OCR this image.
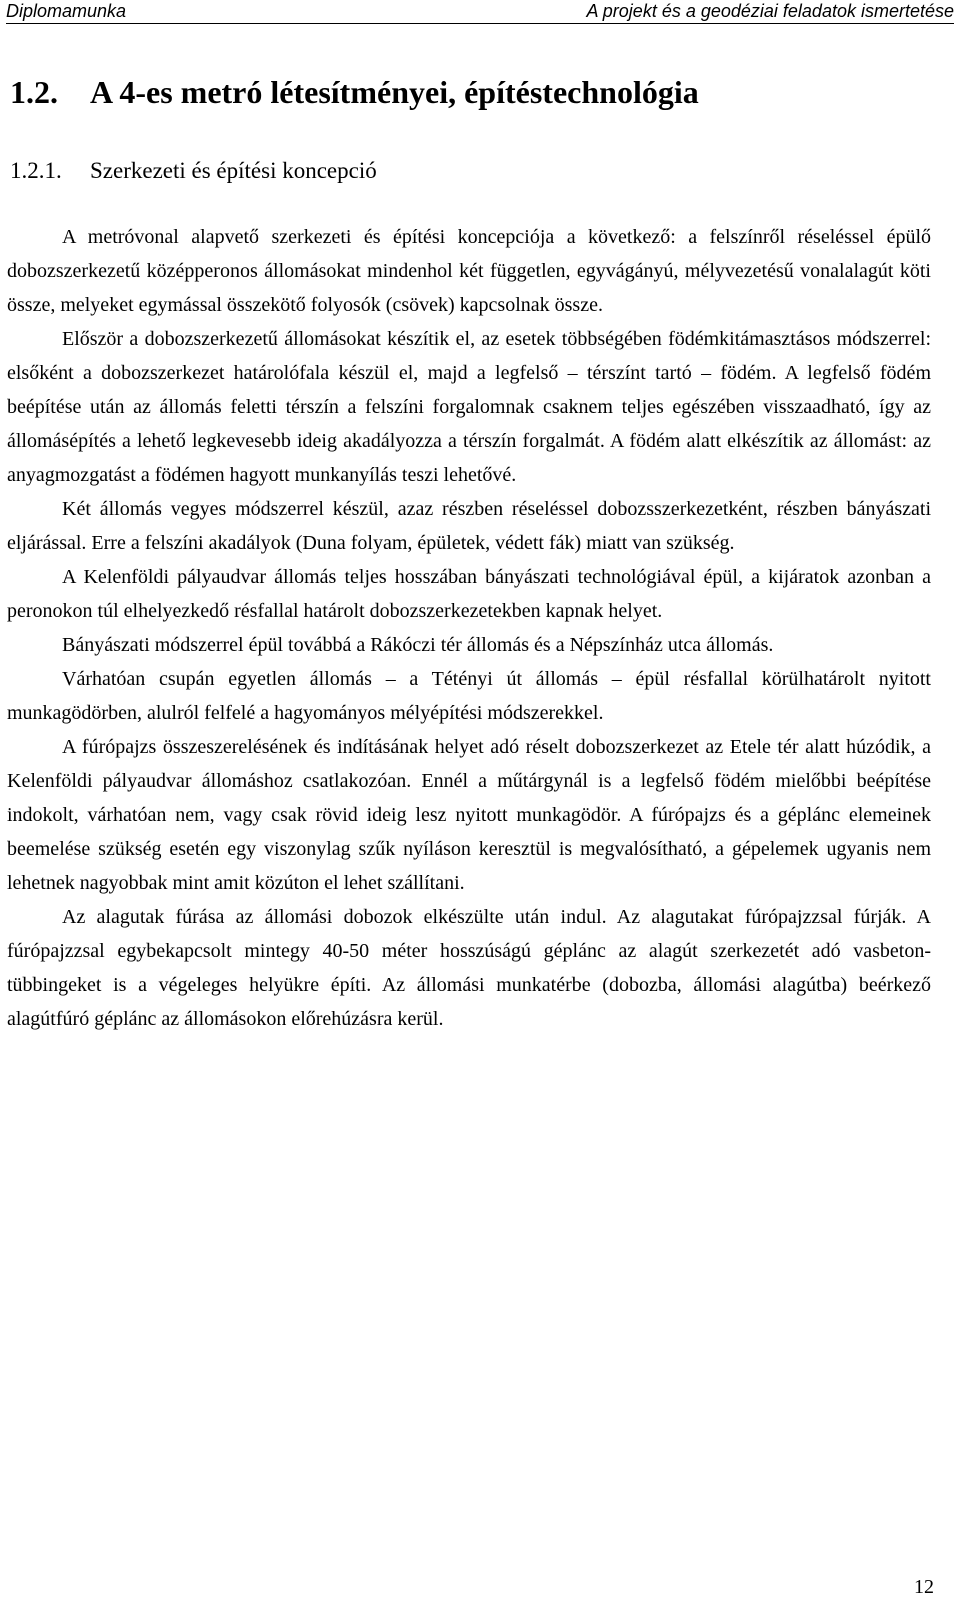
Diplomamunka	A projekt és a geodéziai feladatok ismertetése
1.2. A 4-es metró létesítményei, építéstechnológia
1.2.1. Szerkezeti és építési koncepció

A metróvonal alapvető szerkezeti és építési koncepciója a következő: a felszínről réseléssel épülő dobozszerkezetű középperonos állomásokat mindenhol két független, egyvágányú, mélyvezetésű vonalalagút köti össze, melyeket egymással összekötő folyosók (csövek) kapcsolnak össze.

Először a dobozszerkezetű állomásokat készítik el, az esetek többségében födémkitámasztásos módszerrel: elsőként a dobozszerkezet határolófala készül el, majd a legfelső – térszínt tartó – födém. A legfelső födém beépítése után az állomás feletti térszín a felszíni forgalomnak csaknem teljes egészében visszaadható, így az állomásépítés a lehető legkevesebb ideig akadályozza a térszín forgalmát. A födém alatt elkészítik az állomást: az anyagmozgatást a födémen hagyott munkanyílás teszi lehetővé.

Két állomás vegyes módszerrel készül, azaz részben réseléssel dobozsszerkezetként, részben bányászati eljárással. Erre a felszíni akadályok (Duna folyam, épületek, védett fák) miatt van szükség.

A Kelenföldi pályaudvar állomás teljes hosszában bányászati technológiával épül, a kijáratok azonban a peronokon túl elhelyezkedő résfallal határolt dobozszerkezetekben kapnak helyet.

Bányászati módszerrel épül továbbá a Rákóczi tér állomás és a Népszínház utca állomás.

Várhatóan csupán egyetlen állomás – a Tétényi út állomás – épül résfallal körülhatárolt nyitott munkagödörben, alulról felfelé a hagyományos mélyépítési módszerekkel.

A fúrópajzs összeszerelésének és indításának helyet adó réselt dobozszerkezet az Etele tér alatt húzódik, a Kelenföldi pályaudvar állomáshoz csatlakozóan. Ennél a műtárgynál is a legfelső födém mielőbbi beépítése indokolt, várhatóan nem, vagy csak rövid ideig lesz nyitott munkagödör. A fúrópajzs és a géplánc elemeinek beemelése szükség esetén egy viszonylag szűk nyíláson keresztül is megvalósítható, a gépelemek ugyanis nem lehetnek nagyobbak mint amit közúton el lehet szállítani.

Az alagutak fúrása az állomási dobozok elkészülte után indul. Az alagutakat fúrópajzzsal fúrják. A fúrópajzzsal egybekapcsolt mintegy 40-50 méter hosszúságú géplánc az alagút szerkezetét adó vasbeton-tübbingeket is a végeleges helyükre építi. Az állomási munkatérbe (dobozba, állomási alagútba) beérkező alagútfúró géplánc az állomásokon előrehúzásra kerül.

12
